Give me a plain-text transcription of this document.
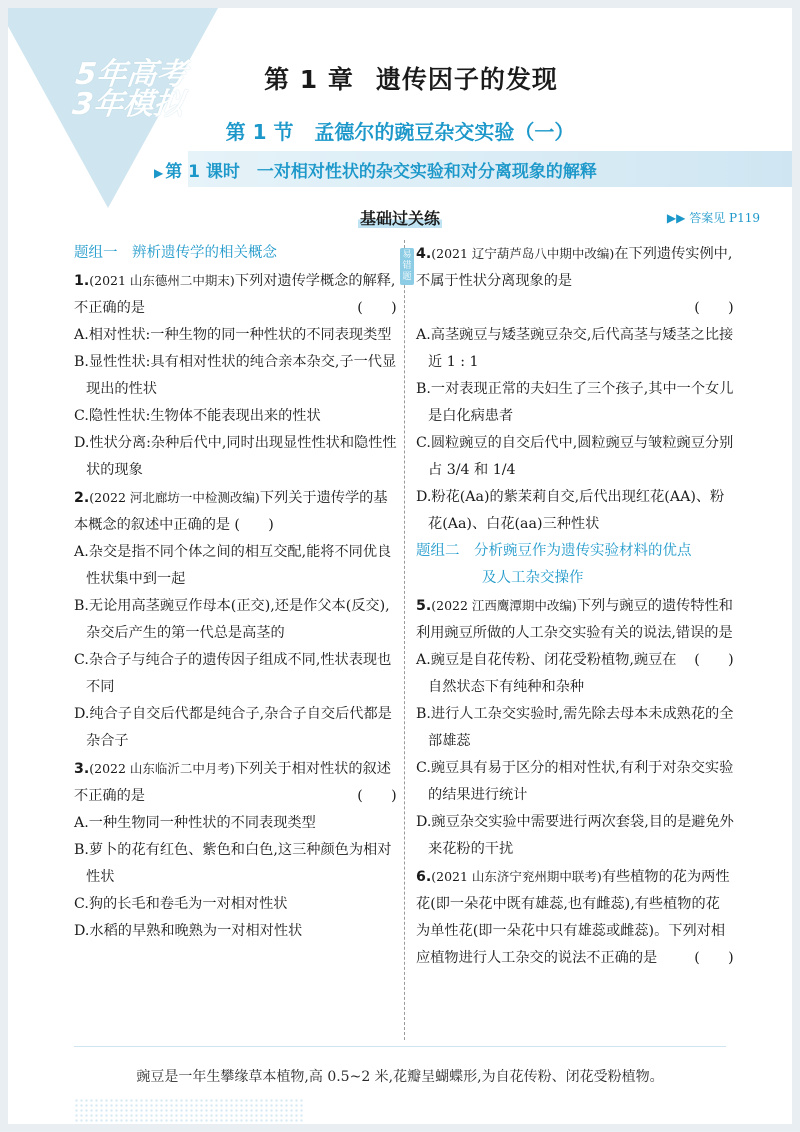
5年高考
3年模拟
第 1 章 遗传因子的发现
第 1 节 孟德尔的豌豆杂交实验（一）
▶ 第 1 课时　一对相对性状的杂交实验和对分离现象的解释
基础过关练	▶▶ 答案见 P119
题组一　辨析遗传学的相关概念
1.(2021 山东德州二中期末)下列对遗传学概念的解释,不正确的是	(　　)
A.相对性状:一种生物的同一种性状的不同表现类型
B.显性性状:具有相对性状的纯合亲本杂交,子一代显现出的性状
C.隐性性状:生物体不能表现出来的性状
D.性状分离:杂种后代中,同时出现显性性状和隐性性状的现象
2.(2022 河北廊坊一中检测改编)下列关于遗传学的基本概念的叙述中正确的是 (　　)
A.杂交是指不同个体之间的相互交配,能将不同优良性状集中到一起
B.无论用高茎豌豆作母本(正交),还是作父本(反交),杂交后产生的第一代总是高茎的
C.杂合子与纯合子的遗传因子组成不同,性状表现也不同
D.纯合子自交后代都是纯合子,杂合子自交后代都是杂合子
3.(2022 山东临沂二中月考)下列关于相对性状的叙述不正确的是	(　　)
A.一种生物同一种性状的不同表现类型
B.萝卜的花有红色、紫色和白色,这三种颜色为相对性状
C.狗的长毛和卷毛为一对相对性状
D.水稻的早熟和晚熟为一对相对性状
易错题
4.(2021 辽宁葫芦岛八中期中改编)在下列遗传实例中,不属于性状分离现象的是
(　　)
A.高茎豌豆与矮茎豌豆杂交,后代高茎与矮茎之比接近 1 : 1
B.一对表现正常的夫妇生了三个孩子,其中一个女儿是白化病患者
C.圆粒豌豆的自交后代中,圆粒豌豆与皱粒豌豆分别占 3/4 和 1/4
D.粉花(Aa)的紫茉莉自交,后代出现红花(AA)、粉花(Aa)、白花(aa)三种性状
题组二　分析豌豆作为遗传实验材料的优点
及人工杂交操作
5.(2022 江西鹰潭期中改编)下列与豌豆的遗传特性和利用豌豆所做的人工杂交实验有关的说法,错误的是
(　　)
A.豌豆是自花传粉、闭花受粉植物,豌豆在自然状态下有纯种和杂种
B.进行人工杂交实验时,需先除去母本未成熟花的全部雄蕊
C.豌豆具有易于区分的相对性状,有利于对杂交实验的结果进行统计
D.豌豆杂交实验中需要进行两次套袋,目的是避免外来花粉的干扰
6.(2021 山东济宁兖州期中联考)有些植物的花为两性花(即一朵花中既有雄蕊,也有雌蕊),有些植物的花为单性花(即一朵花中只有雄蕊或雌蕊)。下列对相应植物进行人工杂交的说法不正确的是	(　　)
豌豆是一年生攀缘草本植物,高 0.5~2 米,花瓣呈蝴蝶形,为自花传粉、闭花受粉植物。
